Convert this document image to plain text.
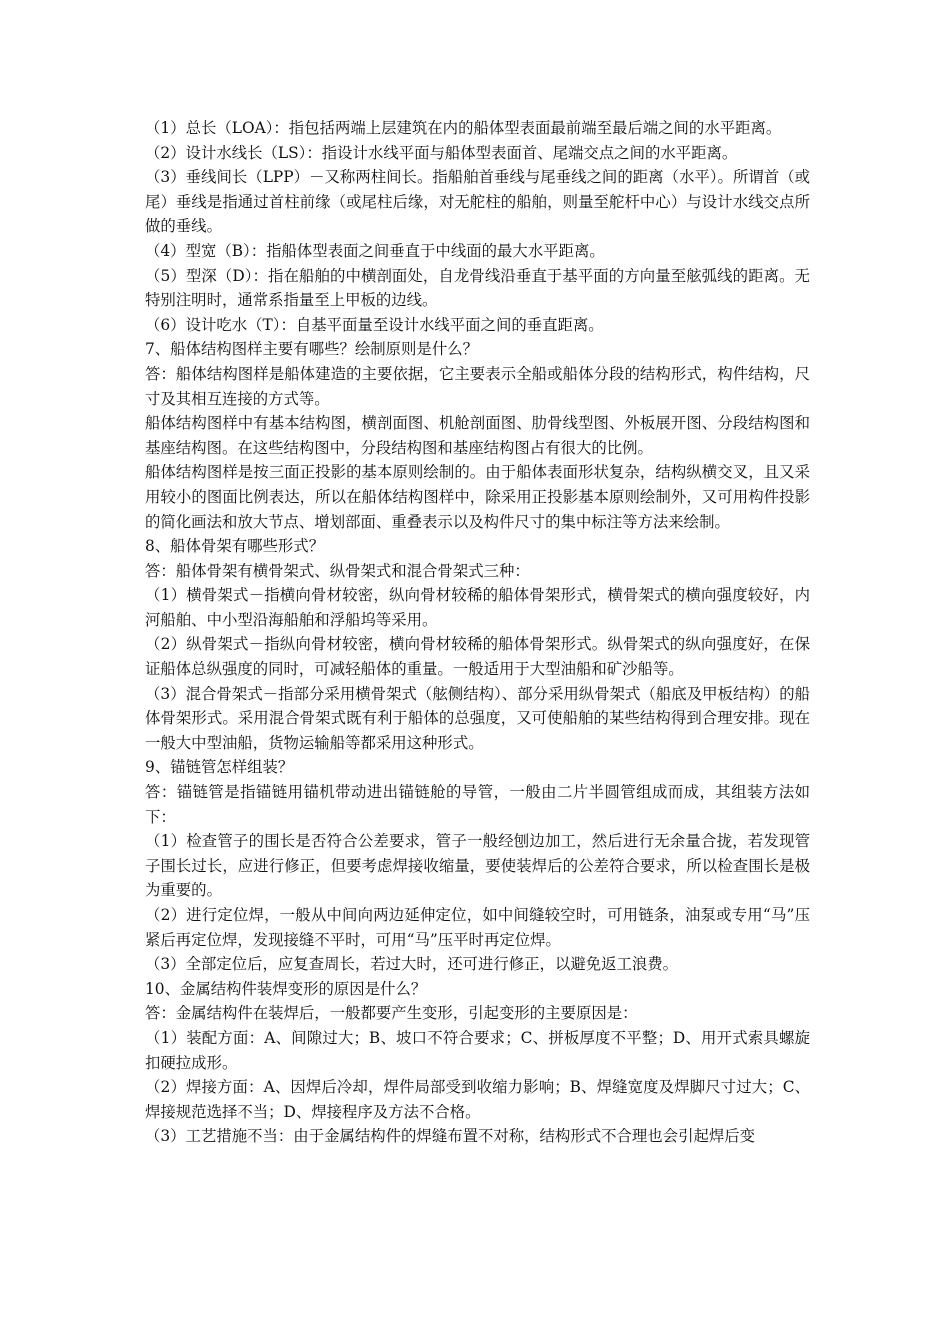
（1）总长（LOA）：指包括两端上层建筑在内的船体型表面最前端至最后端之间的水平距离。

（2）设计水线长（LS）：指设计水线平面与船体型表面首、尾端交点之间的水平距离。

（3）垂线间长（LPP）－又称两柱间长。指船舶首垂线与尾垂线之间的距离（水平）。所谓首（或尾）垂线是指通过首柱前缘（或尾柱后缘，对无舵柱的船舶，则量至舵杆中心）与设计水线交点所做的垂线。

（4）型宽（B）：指船体型表面之间垂直于中线面的最大水平距离。

（5）型深（D）：指在船舶的中横剖面处，自龙骨线沿垂直于基平面的方向量至舷弧线的距离。无特别注明时，通常系指量至上甲板的边线。

（6）设计吃水（T）：自基平面量至设计水线平面之间的垂直距离。

7、船体结构图样主要有哪些？绘制原则是什么？

答：船体结构图样是船体建造的主要依据，它主要表示全船或船体分段的结构形式，构件结构，尺寸及其相互连接的方式等。

船体结构图样中有基本结构图，横剖面图、机舱剖面图、肋骨线型图、外板展开图、分段结构图和基座结构图。在这些结构图中，分段结构图和基座结构图占有很大的比例。

船体结构图样是按三面正投影的基本原则绘制的。由于船体表面形状复杂，结构纵横交叉，且又采用较小的图面比例表达，所以在船体结构图样中，除采用正投影基本原则绘制外，又可用构件投影的简化画法和放大节点、增划部面、重叠表示以及构件尺寸的集中标注等方法来绘制。

8、船体骨架有哪些形式？

答：船体骨架有横骨架式、纵骨架式和混合骨架式三种：

（1）横骨架式－指横向骨材较密，纵向骨材较稀的船体骨架形式，横骨架式的横向强度较好，内河船舶、中小型沿海船舶和浮船坞等采用。

（2）纵骨架式－指纵向骨材较密，横向骨材较稀的船体骨架形式。纵骨架式的纵向强度好，在保证船体总纵强度的同时，可减轻船体的重量。一般适用于大型油船和矿沙船等。

（3）混合骨架式－指部分采用横骨架式（舷侧结构）、部分采用纵骨架式（船底及甲板结构）的船体骨架形式。采用混合骨架式既有利于船体的总强度，又可使船舶的某些结构得到合理安排。现在一般大中型油船，货物运输船等都采用这种形式。

9、锚链管怎样组装？

答：锚链管是指锚链用锚机带动进出锚链舱的导管，一般由二片半圆管组成而成，其组装方法如下：

（1）检查管子的围长是否符合公差要求，管子一般经刨边加工，然后进行无余量合拢，若发现管子围长过长，应进行修正，但要考虑焊接收缩量，要使装焊后的公差符合要求，所以检查围长是极为重要的。

（2）进行定位焊，一般从中间向两边延伸定位，如中间缝较空时，可用链条，油泵或专用“马”压紧后再定位焊，发现接缝不平时，可用“马”压平时再定位焊。

（3）全部定位后，应复查周长，若过大时，还可进行修正，以避免返工浪费。

10、金属结构件装焊变形的原因是什么？

答：金属结构件在装焊后，一般都要产生变形，引起变形的主要原因是：

（1）装配方面：A、间隙过大；B、坡口不符合要求；C、拼板厚度不平整；D、用开式索具螺旋扣硬拉成形。

（2）焊接方面：A、因焊后冷却，焊件局部受到收缩力影响；B、焊缝宽度及焊脚尺寸过大；C、焊接规范选择不当；D、焊接程序及方法不合格。

（3）工艺措施不当：由于金属结构件的焊缝布置不对称，结构形式不合理也会引起焊后变
